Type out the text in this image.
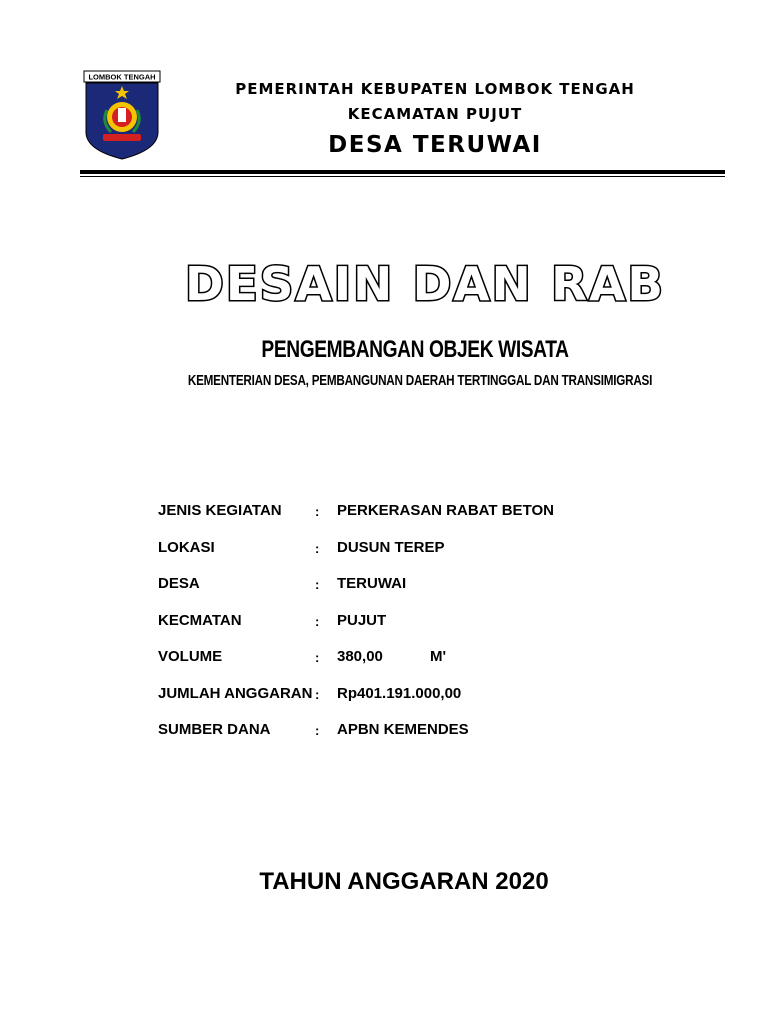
LOMBOK TENGAH
PEMERINTAH KEBUPATEN LOMBOK TENGAH
KECAMATAN PUJUT
DESA TERUWAI
DESAIN DAN RAB
PENGEMBANGAN OBJEK WISATA
KEMENTERIAN DESA, PEMBANGUNAN DAERAH TERTINGGAL DAN TRANSIMIGRASI
JENIS KEGIATAN	: PERKERASAN RABAT BETON
LOKASI	: DUSUN TEREP
DESA	: TERUWAI
KECMATAN	: PUJUT
VOLUME	: 380,00	M'
JUMLAH ANGGARAN : Rp401.191.000,00
SUMBER DANA	: APBN KEMENDES
TAHUN ANGGARAN 2020
